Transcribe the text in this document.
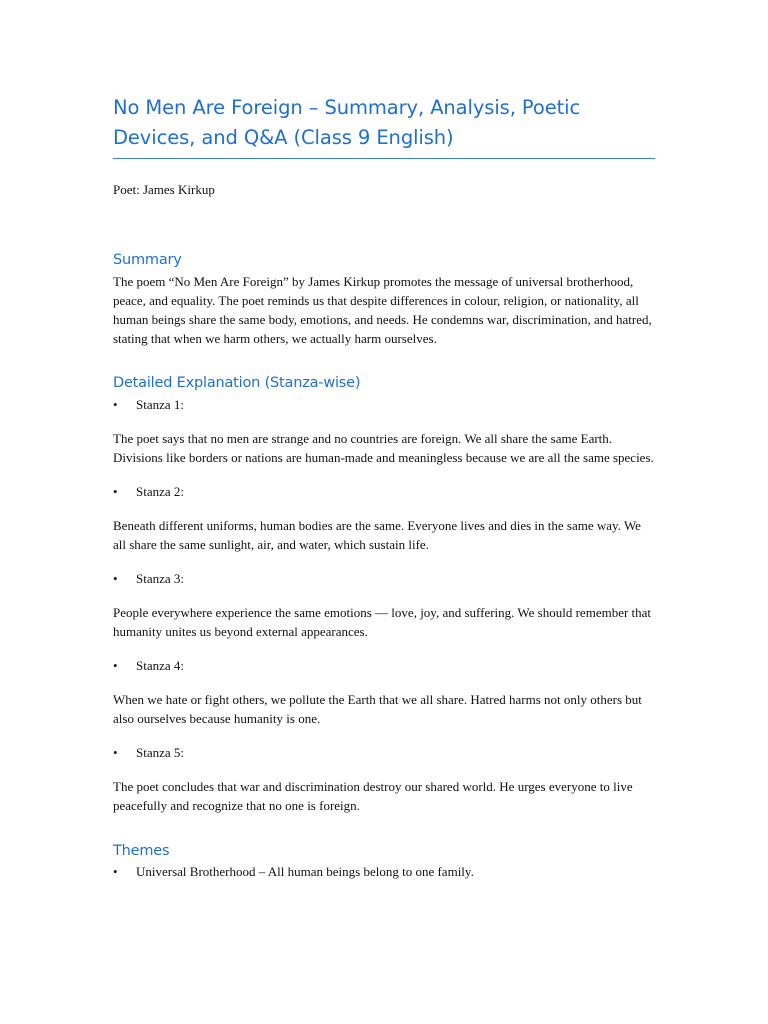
No Men Are Foreign – Summary, Analysis, Poetic Devices, and Q&A (Class 9 English)

Poet: James Kirkup

Summary

The poem “No Men Are Foreign” by James Kirkup promotes the message of universal brotherhood, peace, and equality. The poet reminds us that despite differences in colour, religion, or nationality, all human beings share the same body, emotions, and needs. He condemns war, discrimination, and hatred, stating that when we harm others, we actually harm ourselves.

Detailed Explanation (Stanza-wise)
• Stanza 1:

The poet says that no men are strange and no countries are foreign. We all share the same Earth. Divisions like borders or nations are human-made and meaningless because we are all the same species.

• Stanza 2:

Beneath different uniforms, human bodies are the same. Everyone lives and dies in the same way. We all share the same sunlight, air, and water, which sustain life.

• Stanza 3:

People everywhere experience the same emotions — love, joy, and suffering. We should remember that humanity unites us beyond external appearances.

• Stanza 4:

When we hate or fight others, we pollute the Earth that we all share. Hatred harms not only others but also ourselves because humanity is one.

• Stanza 5:

The poet concludes that war and discrimination destroy our shared world. He urges everyone to live peacefully and recognize that no one is foreign.

Themes
• Universal Brotherhood – All human beings belong to one family.
